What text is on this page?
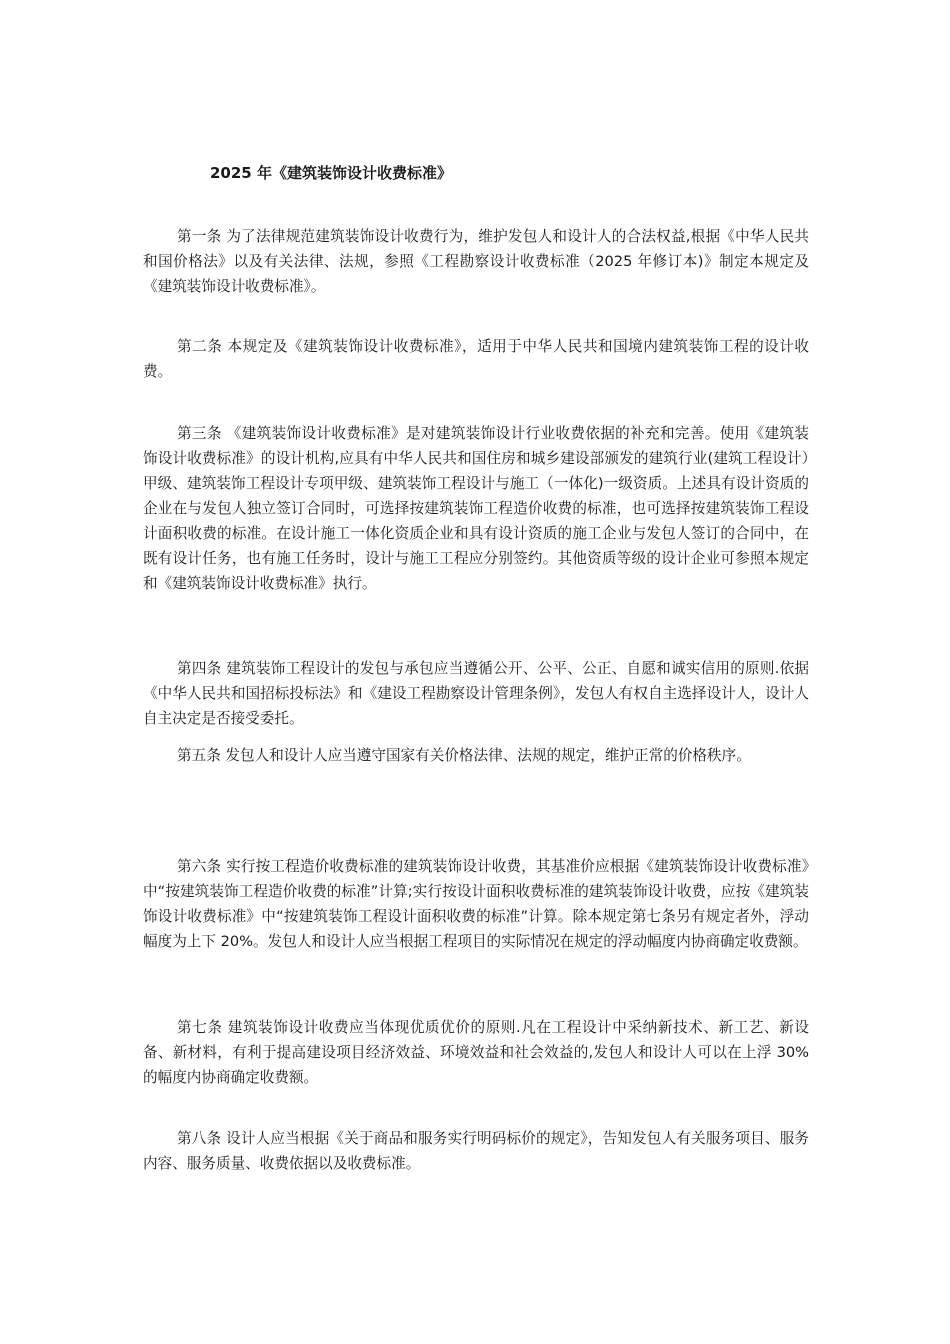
2025 年《建筑装饰设计收费标准》

第一条 为了法律规范建筑装饰设计收费行为，维护发包人和设计人的合法权益,根据《中华人民共和国价格法》以及有关法律、法规，参照《工程勘察设计收费标准（2025 年修订本)》制定本规定及《建筑装饰设计收费标准》。

第二条 本规定及《建筑装饰设计收费标准》，适用于中华人民共和国境内建筑装饰工程的设计收费。

第三条 《建筑装饰设计收费标准》是对建筑装饰设计行业收费依据的补充和完善。使用《建筑装饰设计收费标准》的设计机构,应具有中华人民共和国住房和城乡建设部颁发的建筑行业(建筑工程设计）甲级、建筑装饰工程设计专项甲级、建筑装饰工程设计与施工（一体化)一级资质。上述具有设计资质的企业在与发包人独立签订合同时，可选择按建筑装饰工程造价收费的标准，也可选择按建筑装饰工程设计面积收费的标准。在设计施工一体化资质企业和具有设计资质的施工企业与发包人签订的合同中，在既有设计任务，也有施工任务时，设计与施工工程应分别签约。其他资质等级的设计企业可参照本规定和《建筑装饰设计收费标准》执行。

第四条 建筑装饰工程设计的发包与承包应当遵循公开、公平、公正、自愿和诚实信用的原则.依据《中华人民共和国招标投标法》和《建设工程勘察设计管理条例》，发包人有权自主选择设计人，设计人自主决定是否接受委托。

第五条 发包人和设计人应当遵守国家有关价格法律、法规的规定，维护正常的价格秩序。

第六条 实行按工程造价收费标准的建筑装饰设计收费，其基准价应根据《建筑装饰设计收费标准》中“按建筑装饰工程造价收费的标准”计算;实行按设计面积收费标准的建筑装饰设计收费，应按《建筑装饰设计收费标准》中“按建筑装饰工程设计面积收费的标准”计算。除本规定第七条另有规定者外，浮动幅度为上下 20%。发包人和设计人应当根据工程项目的实际情况在规定的浮动幅度内协商确定收费额。

第七条 建筑装饰设计收费应当体现优质优价的原则.凡在工程设计中采纳新技术、新工艺、新设备、新材料，有利于提高建设项目经济效益、环境效益和社会效益的,发包人和设计人可以在上浮 30%的幅度内协商确定收费额。

第八条 设计人应当根据《关于商品和服务实行明码标价的规定》，告知发包人有关服务项目、服务内容、服务质量、收费依据以及收费标准。
